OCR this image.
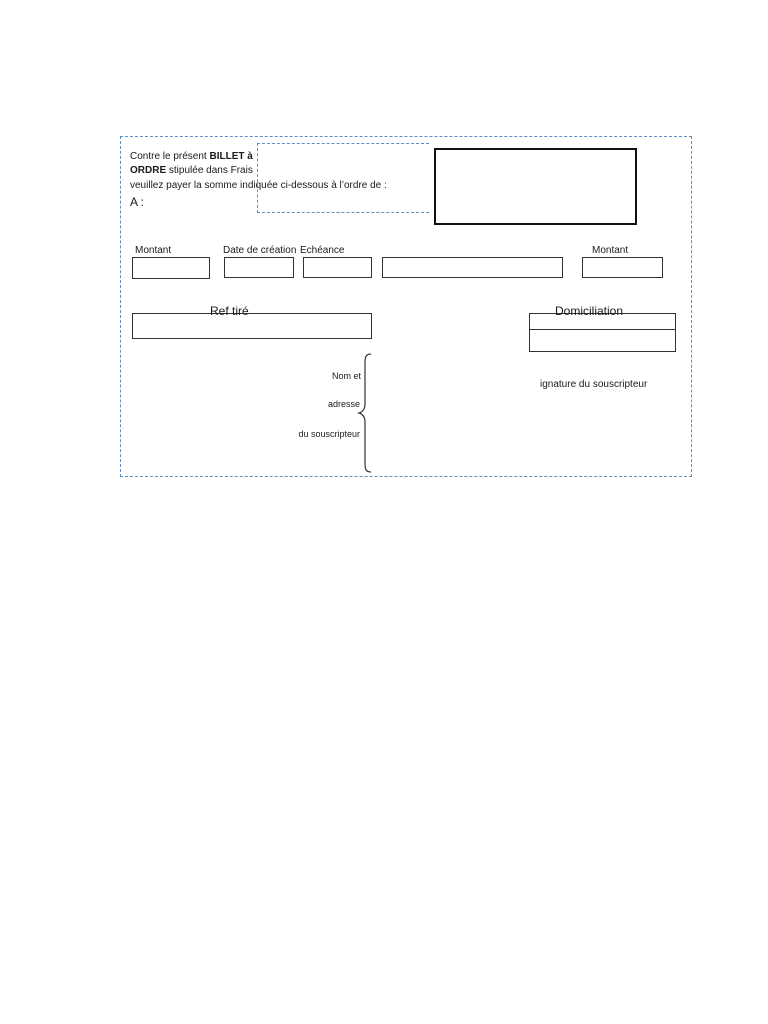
Contre le présent BILLET à
ORDRE stipulée dans Frais
veuillez payer la somme indiquée ci-dessous à l’ordre de :
A :
Montant	Date de création Echéance	Montant
Ref tiré	Domiciliation
Nom et
adresse
du souscripteur
ignature du souscripteur
